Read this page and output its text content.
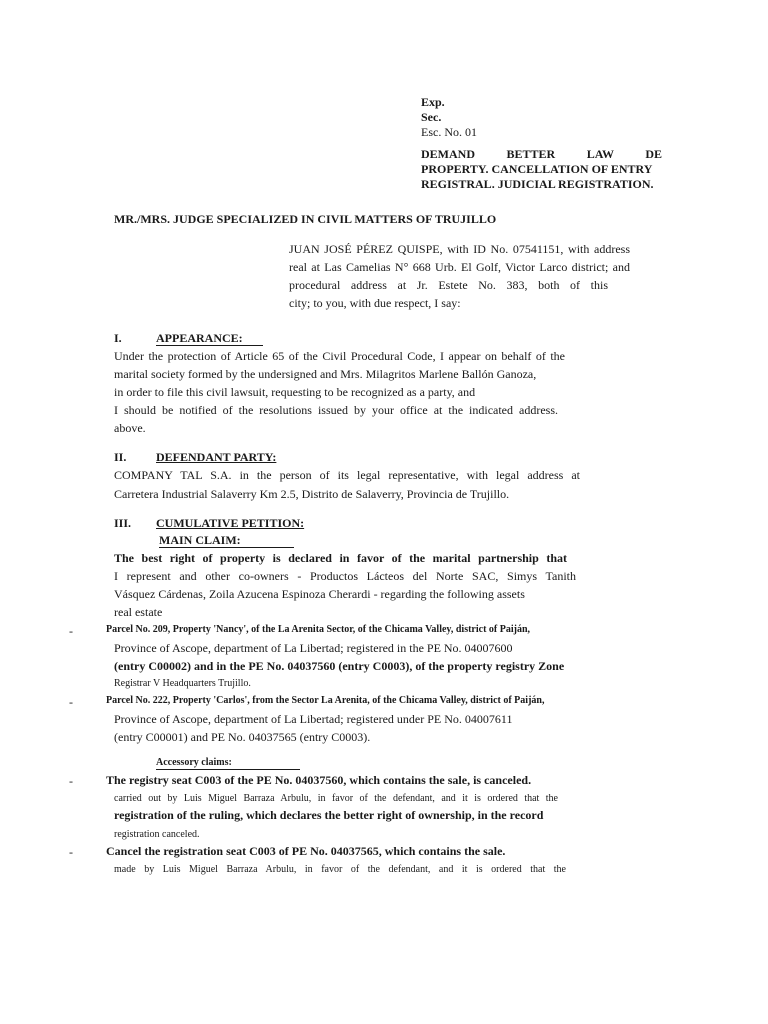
Exp.
Sec.
Esc. No. 01
DEMAND BETTER LAW DE
PROPERTY. CANCELLATION OF ENTRY
REGISTRAL. JUDICIAL REGISTRATION.
MR./MRS. JUDGE SPECIALIZED IN CIVIL MATTERS OF TRUJILLO
JUAN JOSÉ PÉREZ QUISPE, with ID No. 07541151, with address
real at Las Camelias N° 668 Urb. El Golf, Victor Larco district; and
procedural address at Jr. Estete No. 383, both of this
city; to you, with due respect, I say:
I.	APPEARANCE:
Under the protection of Article 65 of the Civil Procedural Code, I appear on behalf of the
marital society formed by the undersigned and Mrs. Milagritos Marlene Ballón Ganoza,
in order to file this civil lawsuit, requesting to be recognized as a party, and
I should be notified of the resolutions issued by your office at the indicated address.
above.
II. DEFENDANT PARTY:
COMPANY TAL S.A. in the person of its legal representative, with legal address at
Carretera Industrial Salaverry Km 2.5, Distrito de Salaverry, Provincia de Trujillo.
III. CUMULATIVE PETITION:
MAIN CLAIM:
The best right of property is declared in favor of the marital partnership that
I represent and other co-owners - Productos Lácteos del Norte SAC, Simys Tanith
Vásquez Cárdenas, Zoila Azucena Espinoza Cherardi - regarding the following assets
real estate
-	Parcel No. 209, Property 'Nancy', of the La Arenita Sector, of the Chicama Valley, district of Paiján,
Province of Ascope, department of La Libertad; registered in the PE No. 04007600
(entry C00002) and in the PE No. 04037560 (entry C0003), of the property registry Zone
Registrar V Headquarters Trujillo.
-	Parcel No. 222, Property 'Carlos', from the Sector La Arenita, of the Chicama Valley, district of Paiján,
Province of Ascope, department of La Libertad; registered under PE No. 04007611
(entry C00001) and PE No. 04037565 (entry C0003).
Accessory claims:
-	The registry seat C003 of the PE No. 04037560, which contains the sale, is canceled.
carried out by Luis Miguel Barraza Arbulu, in favor of the defendant, and it is ordered that the
registration of the ruling, which declares the better right of ownership, in the record
registration canceled.
-	Cancel the registration seat C003 of PE No. 04037565, which contains the sale.
made by Luis Miguel Barraza Arbulu, in favor of the defendant, and it is ordered that the
